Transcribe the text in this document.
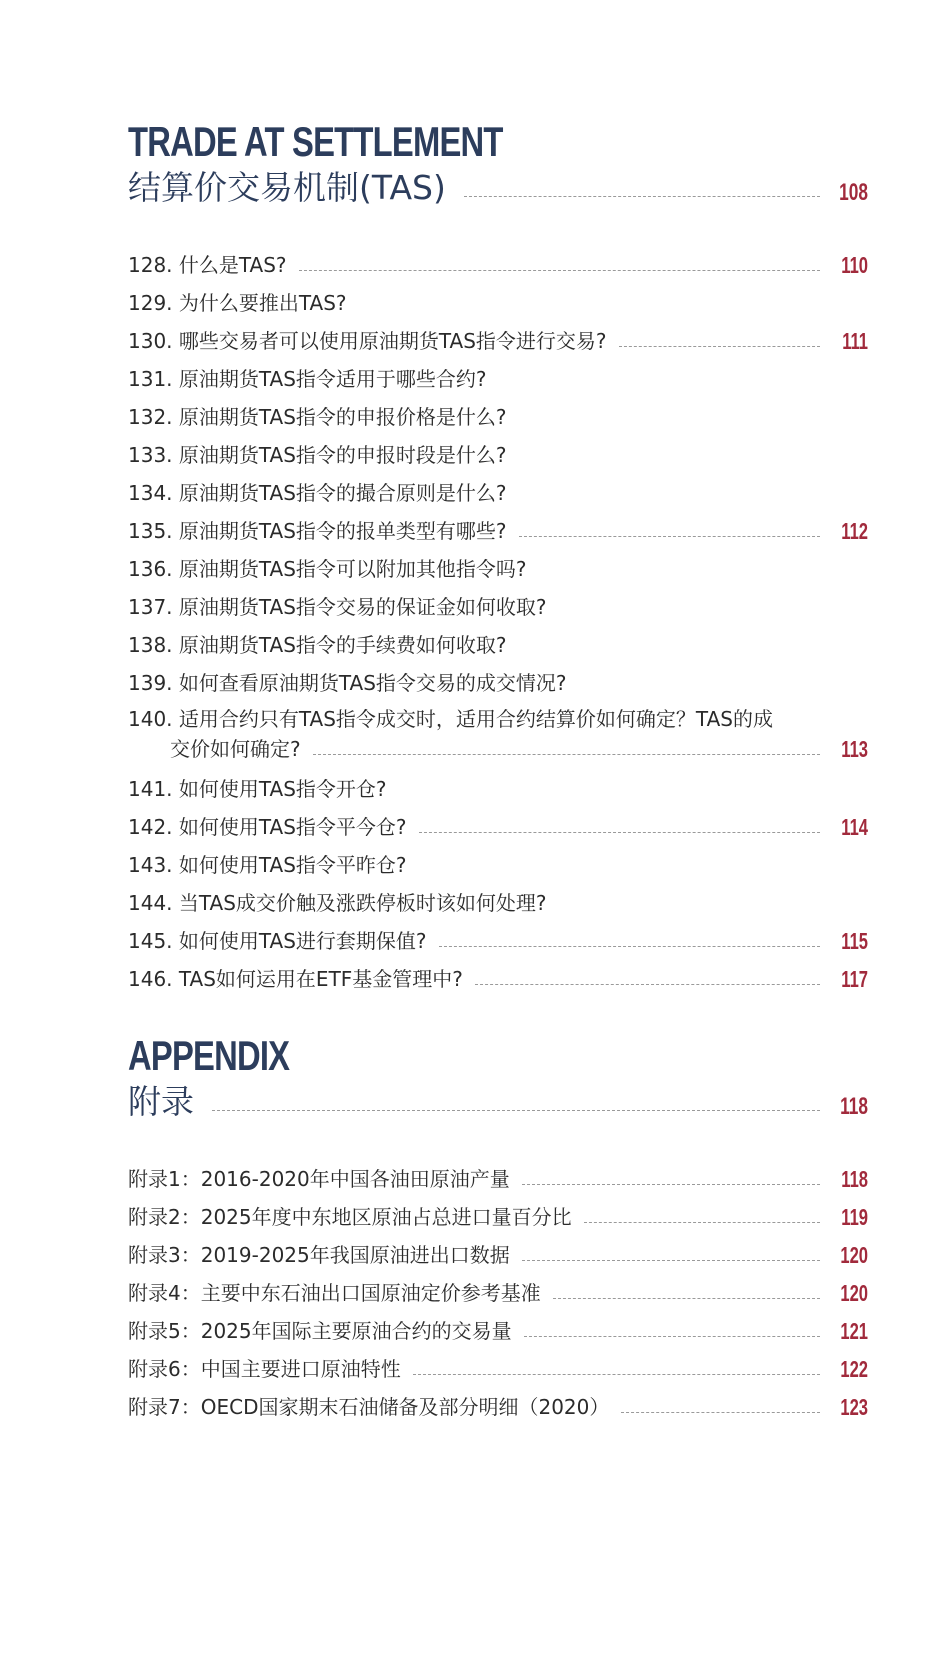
TRADE AT SETTLEMENT
结算价交易机制(TAS)	108
128. 什么是TAS?	110
129. 为什么要推出TAS?
130. 哪些交易者可以使用原油期货TAS指令进行交易?	111
131. 原油期货TAS指令适用于哪些合约?
132. 原油期货TAS指令的申报价格是什么?
133. 原油期货TAS指令的申报时段是什么?
134. 原油期货TAS指令的撮合原则是什么?
135. 原油期货TAS指令的报单类型有哪些?	112
136. 原油期货TAS指令可以附加其他指令吗?
137. 原油期货TAS指令交易的保证金如何收取?
138. 原油期货TAS指令的手续费如何收取?
139. 如何查看原油期货TAS指令交易的成交情况?
140. 适用合约只有TAS指令成交时，适用合约结算价如何确定？TAS的成
交价如何确定?	113
141. 如何使用TAS指令开仓?
142. 如何使用TAS指令平今仓?	114
143. 如何使用TAS指令平昨仓?
144. 当TAS成交价触及涨跌停板时该如何处理?
145. 如何使用TAS进行套期保值?	115
146. TAS如何运用在ETF基金管理中?	117
APPENDIX
附录	118
附录1：2016-2020年中国各油田原油产量	118
附录2：2025年度中东地区原油占总进口量百分比	119
附录3：2019-2025年我国原油进出口数据	120
附录4：主要中东石油出口国原油定价参考基准	120
附录5：2025年国际主要原油合约的交易量	121
附录6：中国主要进口原油特性	122
附录7：OECD国家期末石油储备及部分明细（2020）	123
